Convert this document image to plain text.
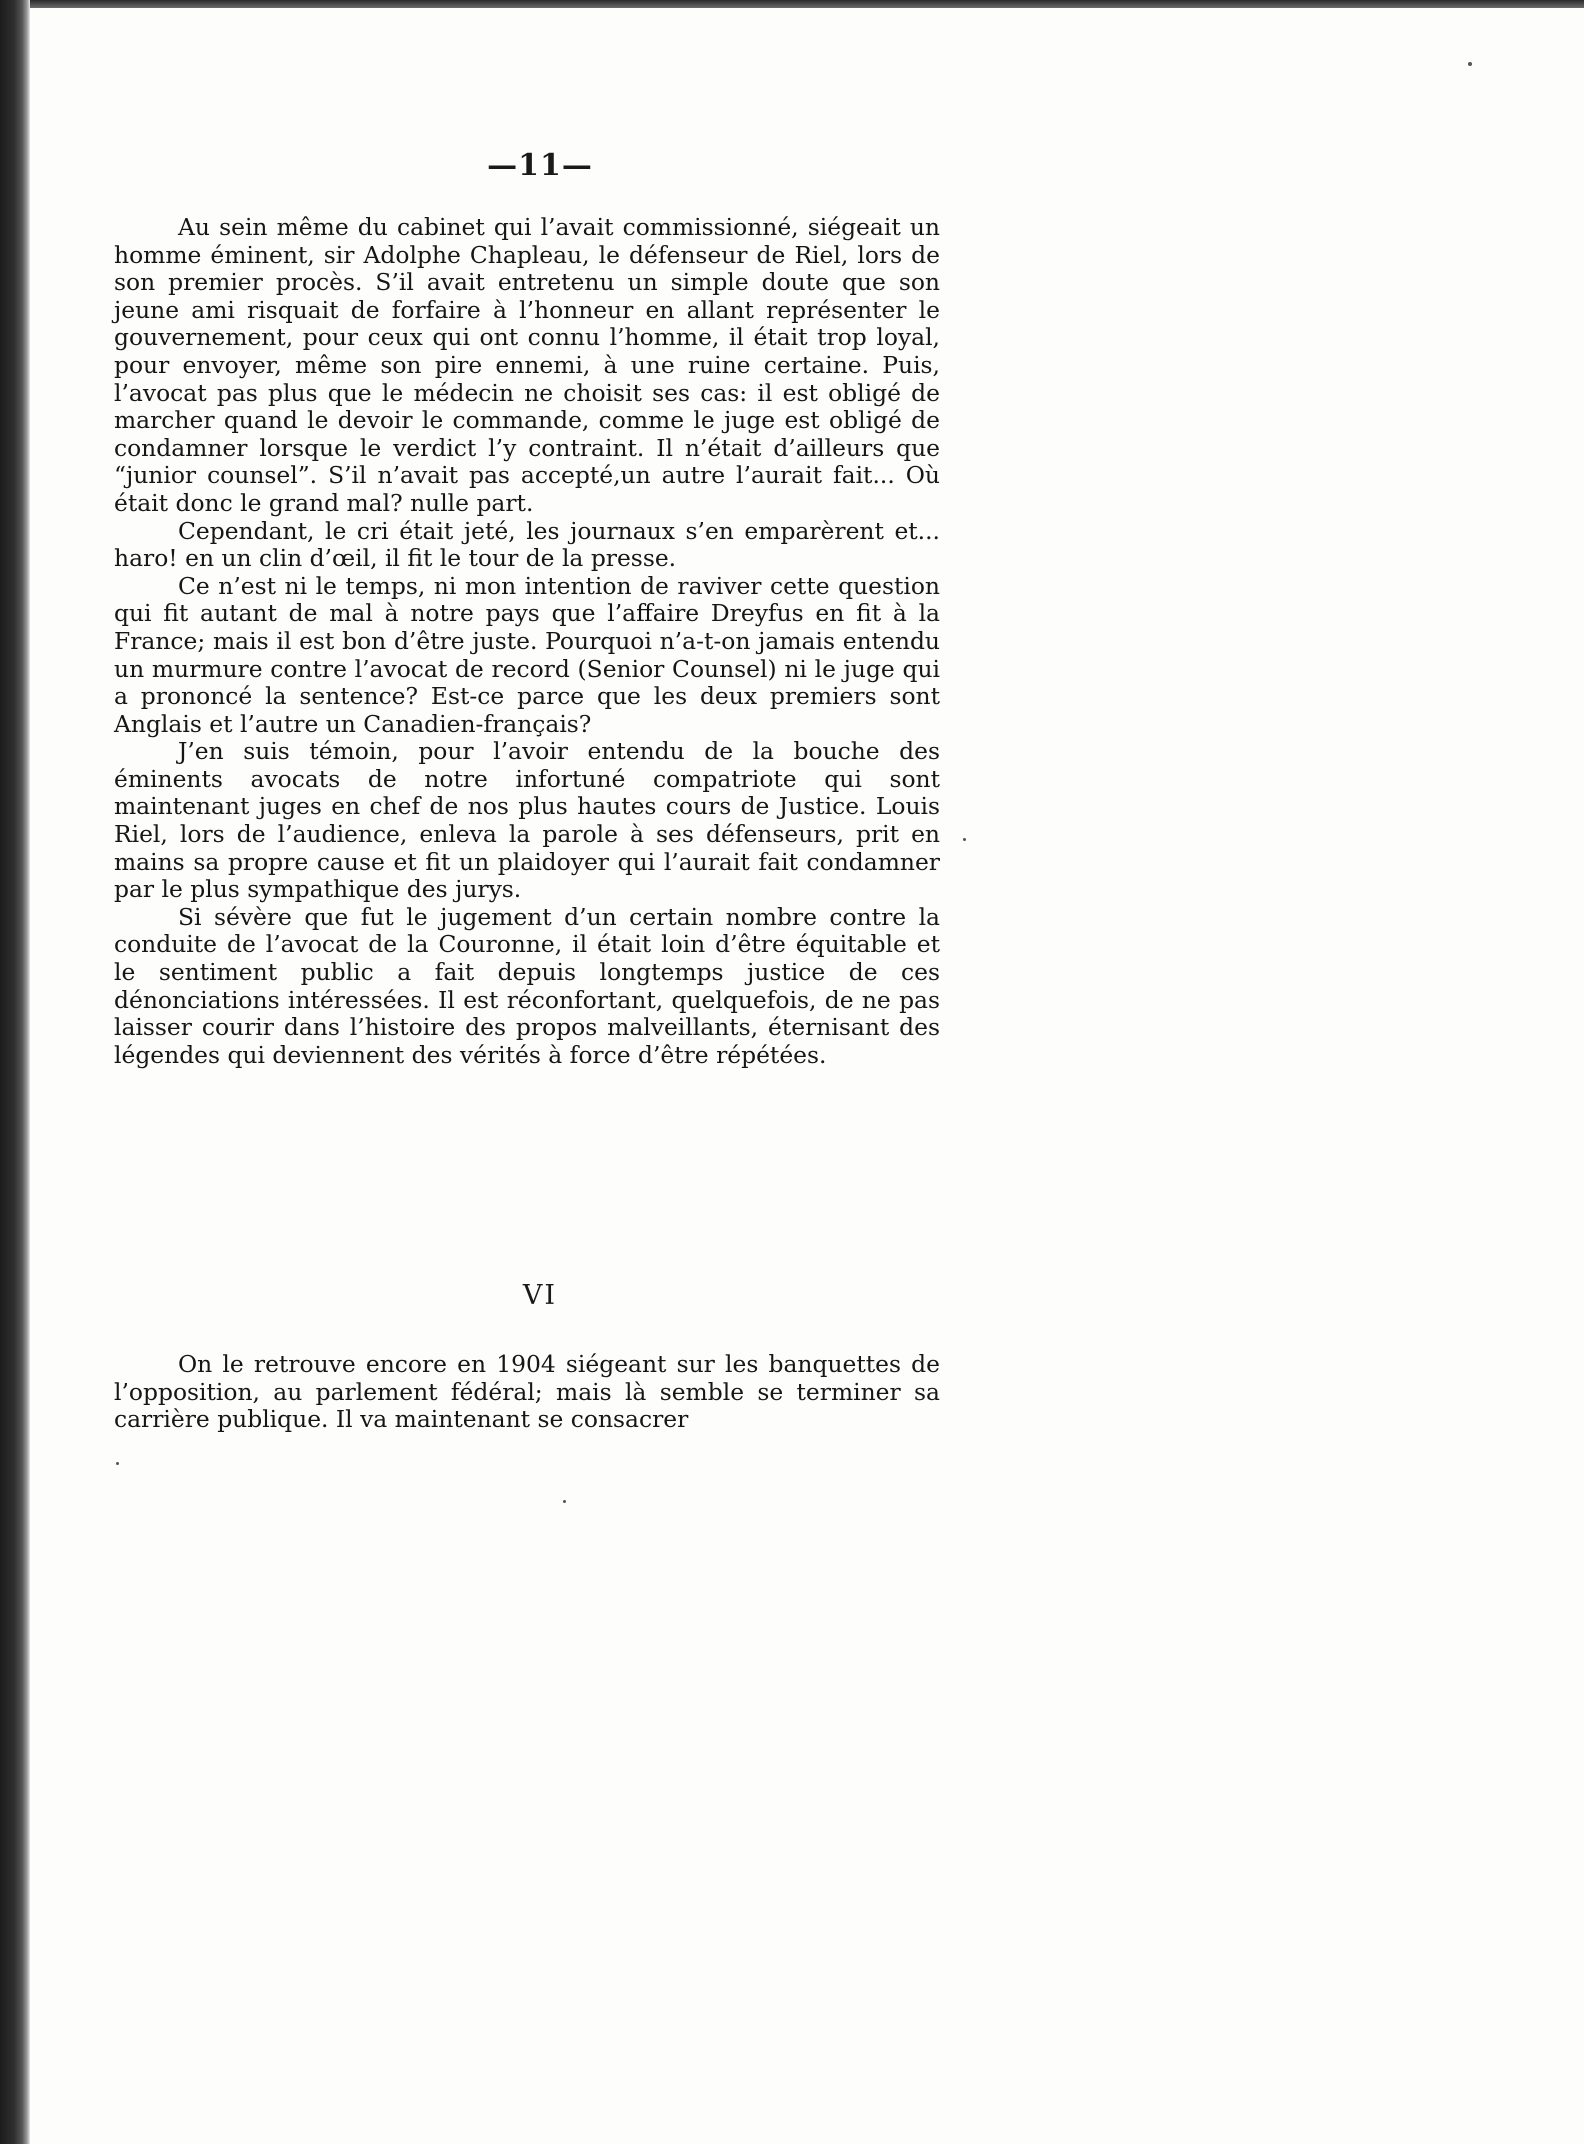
—11—

Au sein même du cabinet qui l’avait commissionné, siégeait un homme éminent, sir Adolphe Chapleau, le défenseur de Riel, lors de son premier procès. S’il avait entretenu un simple doute que son jeune ami risquait de forfaire à l’honneur en allant représenter le gouvernement, pour ceux qui ont connu l’homme, il était trop loyal, pour envoyer, même son pire ennemi, à une ruine certaine. Puis, l’avocat pas plus que le médecin ne choisit ses cas: il est obligé de marcher quand le devoir le commande, comme le juge est obligé de condamner lorsque le verdict l’y contraint. Il n’était d’ailleurs que “junior counsel”. S’il n’avait pas accepté,un autre l’aurait fait... Où était donc le grand mal? nulle part.

Cependant, le cri était jeté, les journaux s’en emparèrent et... haro! en un clin d’œil, il fit le tour de la presse.

Ce n’est ni le temps, ni mon intention de raviver cette question qui fit autant de mal à notre pays que l’affaire Dreyfus en fit à la France; mais il est bon d’être juste. Pourquoi n’a-t-on jamais entendu un murmure contre l’avocat de record (Senior Counsel) ni le juge qui a prononcé la sentence? Est-ce parce que les deux premiers sont Anglais et l’autre un Canadien-français?

J’en suis témoin, pour l’avoir entendu de la bouche des éminents avocats de notre infortuné compatriote qui sont maintenant juges en chef de nos plus hautes cours de Justice. Louis Riel, lors de l’audience, enleva la parole à ses défenseurs, prit en mains sa propre cause et fit un plaidoyer qui l’aurait fait condamner par le plus sympathique des jurys.

Si sévère que fut le jugement d’un certain nombre contre la conduite de l’avocat de la Couronne, il était loin d’être équitable et le sentiment public a fait depuis longtemps justice de ces dénonciations intéressées. Il est réconfortant, quelquefois, de ne pas laisser courir dans l’histoire des propos malveillants, éternisant des légendes qui deviennent des vérités à force d’être répétées.

VI

On le retrouve encore en 1904 siégeant sur les banquettes de l’opposition, au parlement fédéral; mais là semble se terminer sa carrière publique. Il va maintenant se consacrer
